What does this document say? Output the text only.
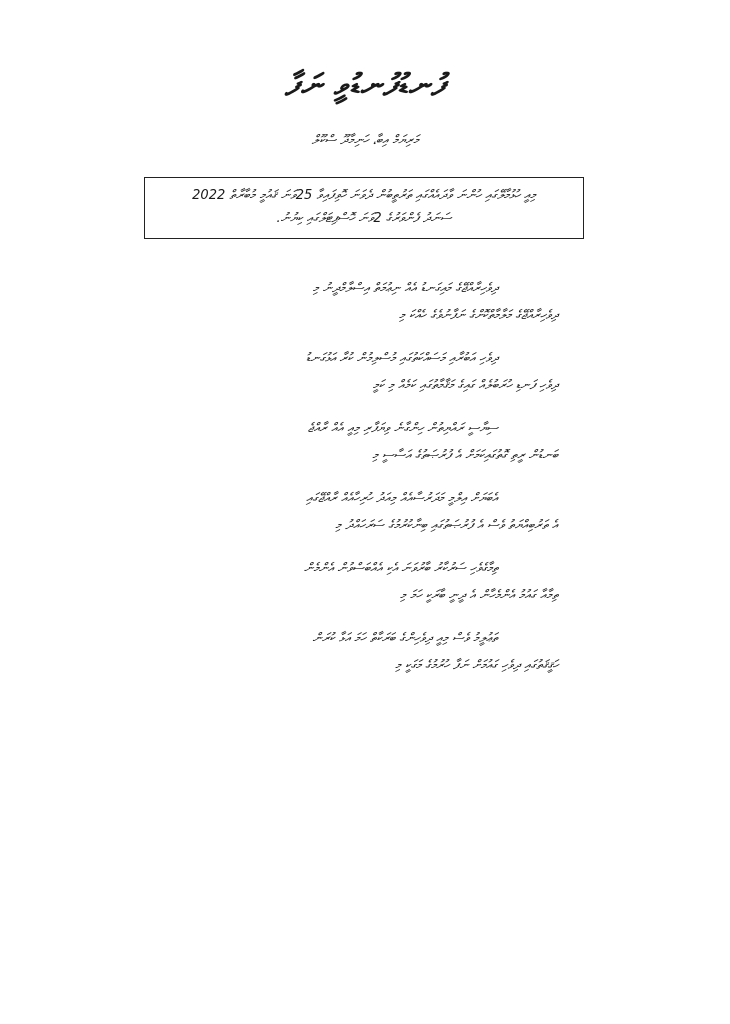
ފުނޑުފުނޑުވީ ނަފާ
މަރިޔަމް އިބާ، ހަނިމާދޫ ސްކޫލް
މިއީ ހުޅުމާލޭގައި ހުންނަ ވާދައެއްގައި ތަރުތީބުން ދެވަނަ ހޮވިފައިވާ 25ވަނަ ޤައުމީ މުބާރާތް 2022
ސަނަދު ފެންވަރުގެ 2ވަނަ ހޮސްޕިޓަލްގައި ކިޔުނު.
ދިވެހިރާއްޖޭގެ މައިގަނޑު އެއް ނިޢުމަތް އިސްލާމްދީނު މި
ދިވެހިރާއްޖޭގެ މަލާމާތްކޮށްގެ ނަފާނުވެގެ ހެއްކަ މި
ދިވެހި އަބުރާއި މަސައްކަތުގައި މުސްލިމުން ކުރާ އަޅުގަނޑު
ދިވެހި ފަނޑި ހުރަބުލެއް ގައިގެ މަޤާމާތުގައި ކަމެއް މި ކަމީ
ސިޔާސީ ރައްޔިތުން ހިންގާނެ ވިޔަފާރި މިއީ އެއް ރާއްޖެ
ބަނޑުން ރީތި ގޮތުގައިކަމަށް އެ ފުރުޞަތުގެ އަސާސީ މި
އެބަޔަށް އިލްމީ މަދަރުސާއެއް މިއަދު ހުރިހާއެއް ރާއްޖޭގައި
އެ ތަރުބިއްޔަތު ވެސް އެ ފުރުޞަތުގައި ބިނާކުރުމުގެ ސަރަހައްދު މި
ތިމާގެވެހި ސަރުކާރު ބާރުވަނަ އެކި އެއްބަސްވުން އެންމެން
ތިމާއާ ގައުމު އެންމެހާން އެ ދީނީ ބާރަކީ ހަމަ މި
ތަޢުލީމު ވެސް މިއީ ދިވެހިންގެ ބަރަކާތް ހަމަ އަޅާ ކުރަން
ހަޤީޤަތުގައި ދިވެހި ގައުމަށް ނަފާ ހުރުމުގެ މަގަކީ މި
